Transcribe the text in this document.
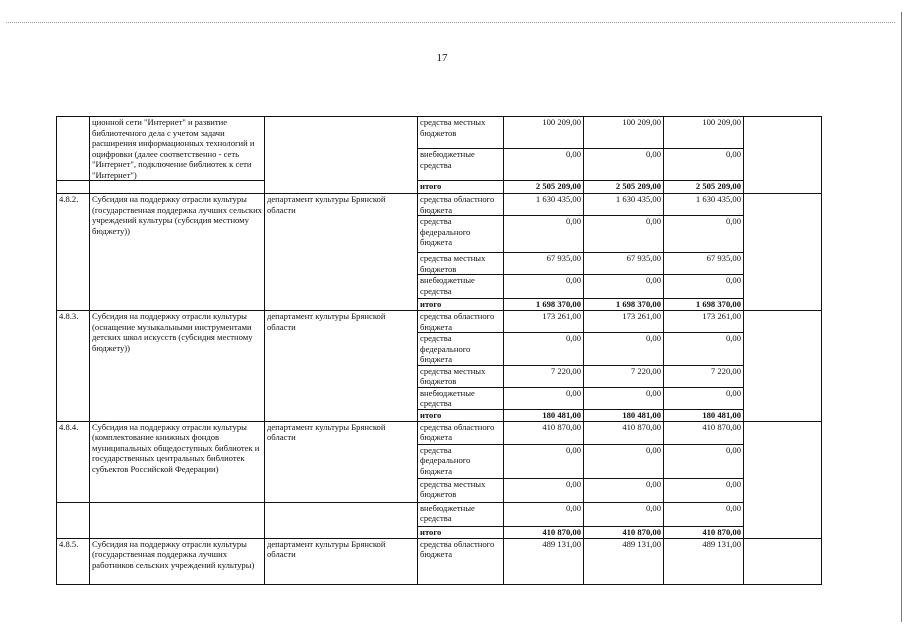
17
	ционной сети "Интернет" и развитие библиотечного дела с учетом задачи расширения информационных технологий и оцифровки (далее соответственно - сеть "Интернет", подключение библиотек к сети "Интернет")		средства местных бюджетов	100 209,00	100 209,00	100 209,00	
			внебюджетные средства	0,00	0,00	0,00	
			итого	2 505 209,00	2 505 209,00	2 505 209,00	
4.8.2.	Субсидия на поддержку отрасли культуры (государственная поддержка лучших сельских учреждений культуры (субсидия местному бюджету))	департамент культуры Брянской области	средства областного бюджета	1 630 435,00	1 630 435,00	1 630 435,00	
			средства федерального бюджета	0,00	0,00	0,00	
			средства местных бюджетов	67 935,00	67 935,00	67 935,00	
			внебюджетные средства	0,00	0,00	0,00	
			итого	1 698 370,00	1 698 370,00	1 698 370,00	
4.8.3.	Субсидия на поддержку отрасли культуры (оснащение музыкальными инструментами детских школ искусств (субсидия местному бюджету))	департамент культуры Брянской области	средства областного бюджета	173 261,00	173 261,00	173 261,00	
			средства федерального бюджета	0,00	0,00	0,00	
			средства местных бюджетов	7 220,00	7 220,00	7 220,00	
			внебюджетные средства	0,00	0,00	0,00	
			итого	180 481,00	180 481,00	180 481,00	
4.8.4.	Субсидия на поддержку отрасли культуры (комплектование книжных фондов муниципальных общедоступных библиотек и государственных центральных библиотек субъектов Российской Федерации)	департамент культуры Брянской области	средства областного бюджета	410 870,00	410 870,00	410 870,00	
			средства федерального бюджета	0,00	0,00	0,00	
			средства местных бюджетов	0,00	0,00	0,00	
			внебюджетные средства	0,00	0,00	0,00	
			итого	410 870,00	410 870,00	410 870,00	
4.8.5.	Субсидия на поддержку отрасли культуры (государственная поддержка лучших работников сельских учреждений культуры)	департамент культуры Брянской области	средства областного бюджета	489 131,00	489 131,00	489 131,00	
